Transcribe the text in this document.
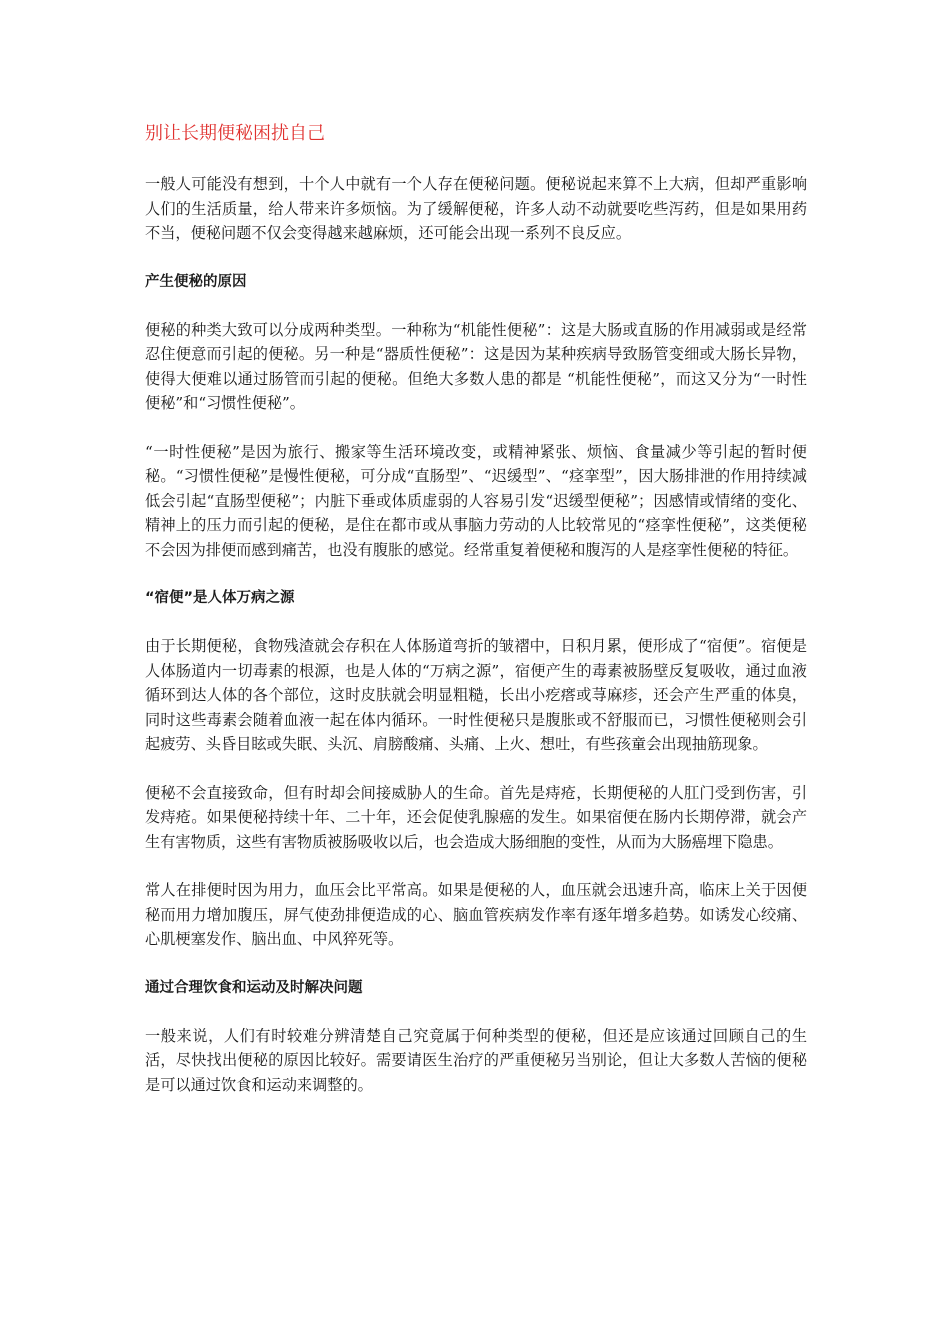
别让长期便秘困扰自己

一般人可能没有想到，十个人中就有一个人存在便秘问题。便秘说起来算不上大病，但却严重影响人们的生活质量，给人带来许多烦恼。为了缓解便秘，许多人动不动就要吃些泻药，但是如果用药不当，便秘问题不仅会变得越来越麻烦，还可能会出现一系列不良反应。

产生便秘的原因

便秘的种类大致可以分成两种类型。一种称为“机能性便秘”：这是大肠或直肠的作用减弱或是经常忍住便意而引起的便秘。另一种是“器质性便秘”：这是因为某种疾病导致肠管变细或大肠长异物，使得大便难以通过肠管而引起的便秘。但绝大多数人患的都是 “机能性便秘”，而这又分为“一时性便秘”和“习惯性便秘”。

“一时性便秘”是因为旅行、搬家等生活环境改变，或精神紧张、烦恼、食量减少等引起的暂时便秘。“习惯性便秘”是慢性便秘，可分成“直肠型”、“迟缓型”、“痉挛型”，因大肠排泄的作用持续减低会引起“直肠型便秘”；内脏下垂或体质虚弱的人容易引发“迟缓型便秘”；因感情或情绪的变化、精神上的压力而引起的便秘，是住在都市或从事脑力劳动的人比较常见的“痉挛性便秘”，这类便秘不会因为排便而感到痛苦，也没有腹胀的感觉。经常重复着便秘和腹泻的人是痉挛性便秘的特征。

“宿便”是人体万病之源

由于长期便秘，食物残渣就会存积在人体肠道弯折的皱褶中，日积月累，便形成了“宿便”。宿便是人体肠道内一切毒素的根源，也是人体的“万病之源”，宿便产生的毒素被肠壁反复吸收，通过血液循环到达人体的各个部位，这时皮肤就会明显粗糙，长出小疙瘩或荨麻疹，还会产生严重的体臭，同时这些毒素会随着血液一起在体内循环。一时性便秘只是腹胀或不舒服而已，习惯性便秘则会引起疲劳、头昏目眩或失眠、头沉、肩膀酸痛、头痛、上火、想吐，有些孩童会出现抽筋现象。

便秘不会直接致命，但有时却会间接威胁人的生命。首先是痔疮，长期便秘的人肛门受到伤害，引发痔疮。如果便秘持续十年、二十年，还会促使乳腺癌的发生。如果宿便在肠内长期停滞，就会产生有害物质，这些有害物质被肠吸收以后，也会造成大肠细胞的变性，从而为大肠癌埋下隐患。

常人在排便时因为用力，血压会比平常高。如果是便秘的人，血压就会迅速升高，临床上关于因便秘而用力增加腹压，屏气使劲排便造成的心、脑血管疾病发作率有逐年增多趋势。如诱发心绞痛、心肌梗塞发作、脑出血、中风猝死等。

通过合理饮食和运动及时解决问题

一般来说，人们有时较难分辨清楚自己究竟属于何种类型的便秘，但还是应该通过回顾自己的生活，尽快找出便秘的原因比较好。需要请医生治疗的严重便秘另当别论，但让大多数人苦恼的便秘是可以通过饮食和运动来调整的。
